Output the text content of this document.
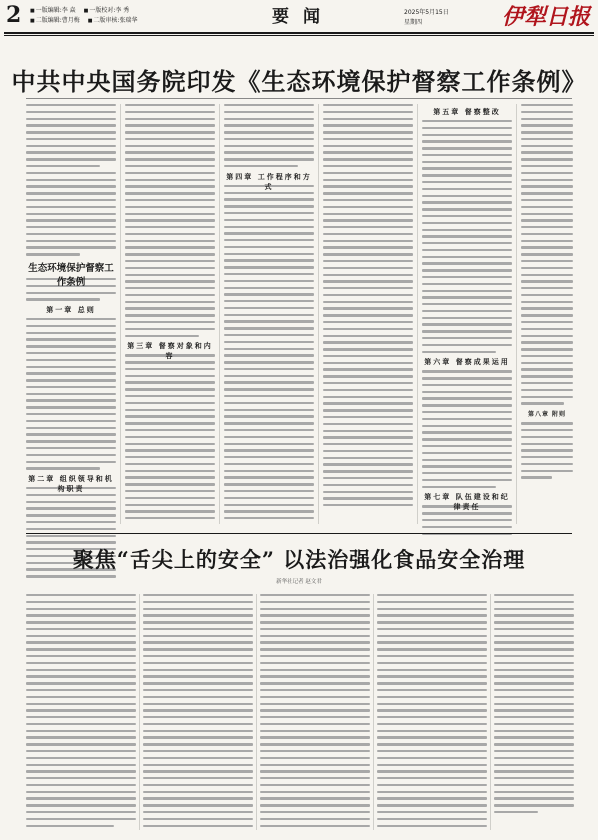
2	■ 一版编辑:李 焱 ■ 一版校对:李 秀
■ 二版编辑:曹月梅 ■ 二版审核:张瑞华	要 闻	2025年5月15日
星期四	伊犁日报
中共中央国务院印发《生态环境保护督察工作条例》
生态环境保护督察工作条例
第一章 总则
第二章 组织领导和机构职责
第三章 督察对象和内容
第四章 工作程序和方式
第五章 督察整改
第六章 督察成果运用
第七章 队伍建设和纪律责任
第八章 附则
聚焦“舌尖上的安全” 以法治强化食品安全治理
新华社记者 赵文君
